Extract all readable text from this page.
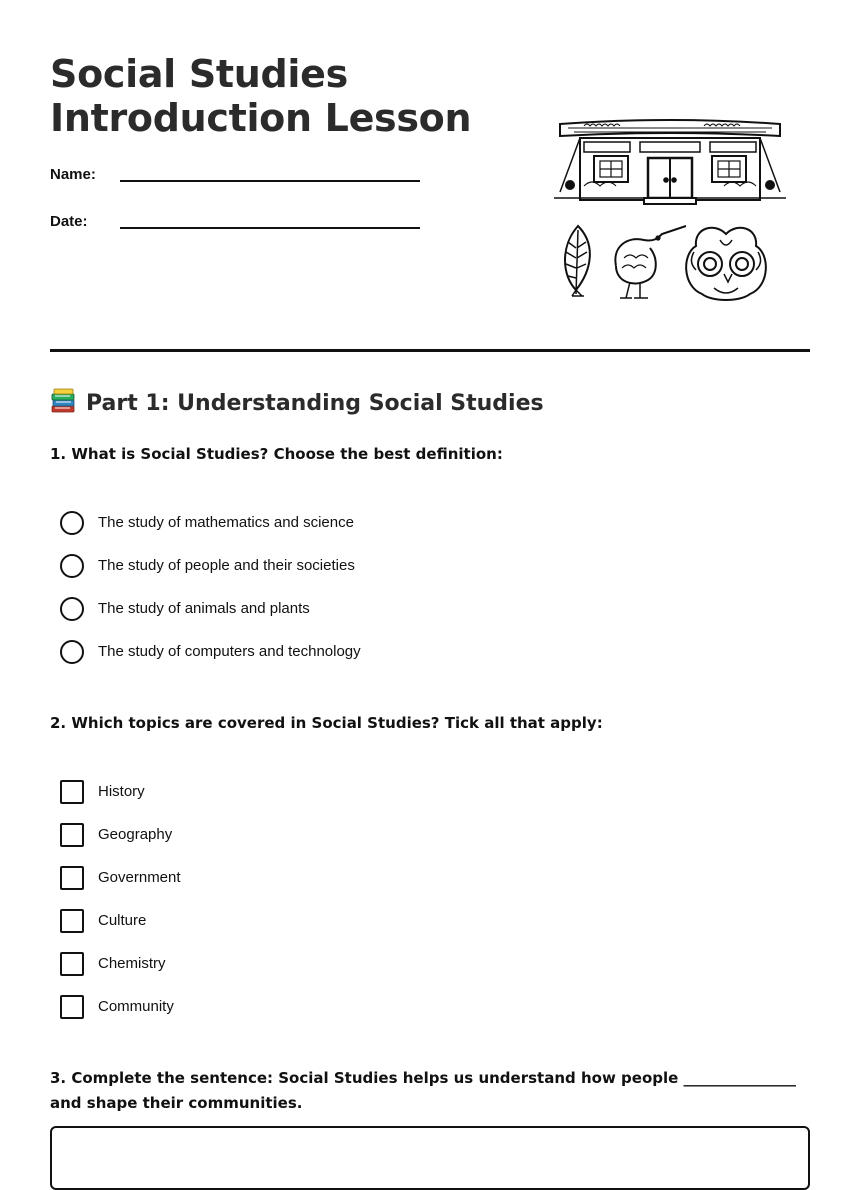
Social Studies
Introduction Lesson
Name:
Date:
Part 1: Understanding Social Studies

1. What is Social Studies? Choose the best definition:

The study of mathematics and science
The study of people and their societies
The study of animals and plants
The study of computers and technology

2. Which topics are covered in Social Studies? Tick all that apply:

History
Geography
Government
Culture
Chemistry
Community

3. Complete the sentence: Social Studies helps us understand how people _______________ and shape their communities.
